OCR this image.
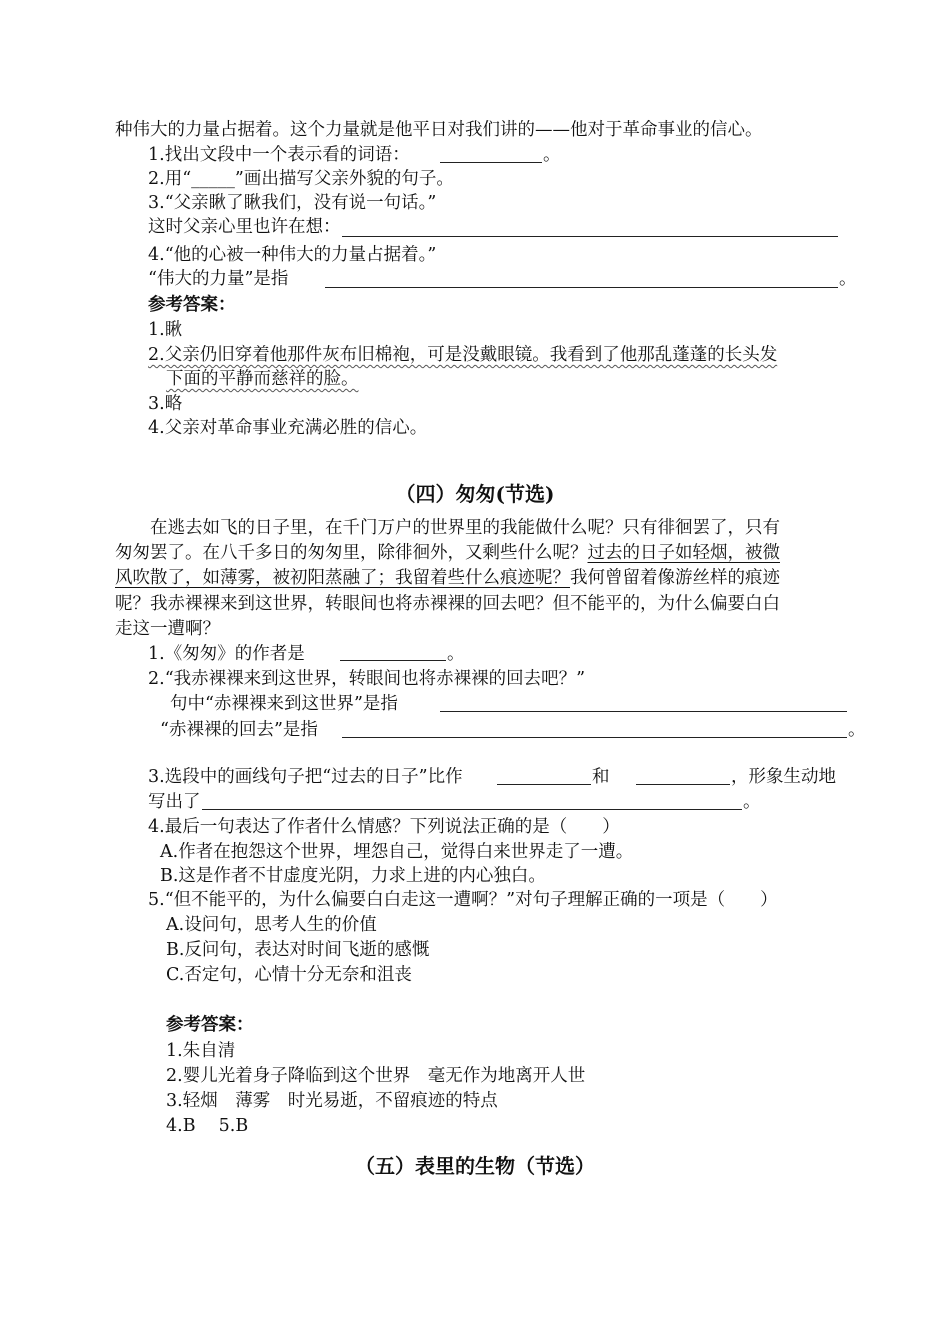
种伟大的力量占据着。这个力量就是他平日对我们讲的——他对于革命事业的信心。
1.找出文段中一个表示看的词语：	。
2.用“_____”画出描写父亲外貌的句子。
3.“父亲瞅了瞅我们，没有说一句话。”
这时父亲心里也许在想：
4.“他的心被一种伟大的力量占据着。”
“伟大的力量”是指	。
参考答案：
1.瞅
2.父亲仍旧穿着他那件灰布旧棉袍，可是没戴眼镜。我看到了他那乱蓬蓬的长头发
下面的平静而慈祥的脸。
3.略
4.父亲对革命事业充满必胜的信心。
（四）匆匆(节选)
在逃去如飞的日子里，在千门万户的世界里的我能做什么呢？只有徘徊罢了，只有
匆匆罢了。在八千多日的匆匆里，除徘徊外，又剩些什么呢？过去的日子如轻烟，被微
风吹散了，如薄雾，被初阳蒸融了；我留着些什么痕迹呢？我何曾留着像游丝样的痕迹
呢？我赤裸裸来到这世界，转眼间也将赤裸裸的回去吧？但不能平的，为什么偏要白白
走这一遭啊？
1.《匆匆》的作者是	。
2.“我赤裸裸来到这世界，转眼间也将赤裸裸的回去吧？”
句中“赤裸裸来到这世界”是指
“赤裸裸的回去”是指	。
3.选段中的画线句子把“过去的日子”比作	和	，形象生动地
写出了	。
4.最后一句表达了作者什么情感？下列说法正确的是（　　）
A.作者在抱怨这个世界，埋怨自己，觉得白来世界走了一遭。
B.这是作者不甘虚度光阴，力求上进的内心独白。
5.“但不能平的，为什么偏要白白走这一遭啊？”对句子理解正确的一项是（　　）
A.设问句，思考人生的价值
B.反问句，表达对时间飞逝的感慨
C.否定句，心情十分无奈和沮丧
参考答案：
1.朱自清
2.婴儿光着身子降临到这个世界　毫无作为地离开人世
3.轻烟　薄雾　时光易逝，不留痕迹的特点
4.B　 5.B
（五）表里的生物（节选）
